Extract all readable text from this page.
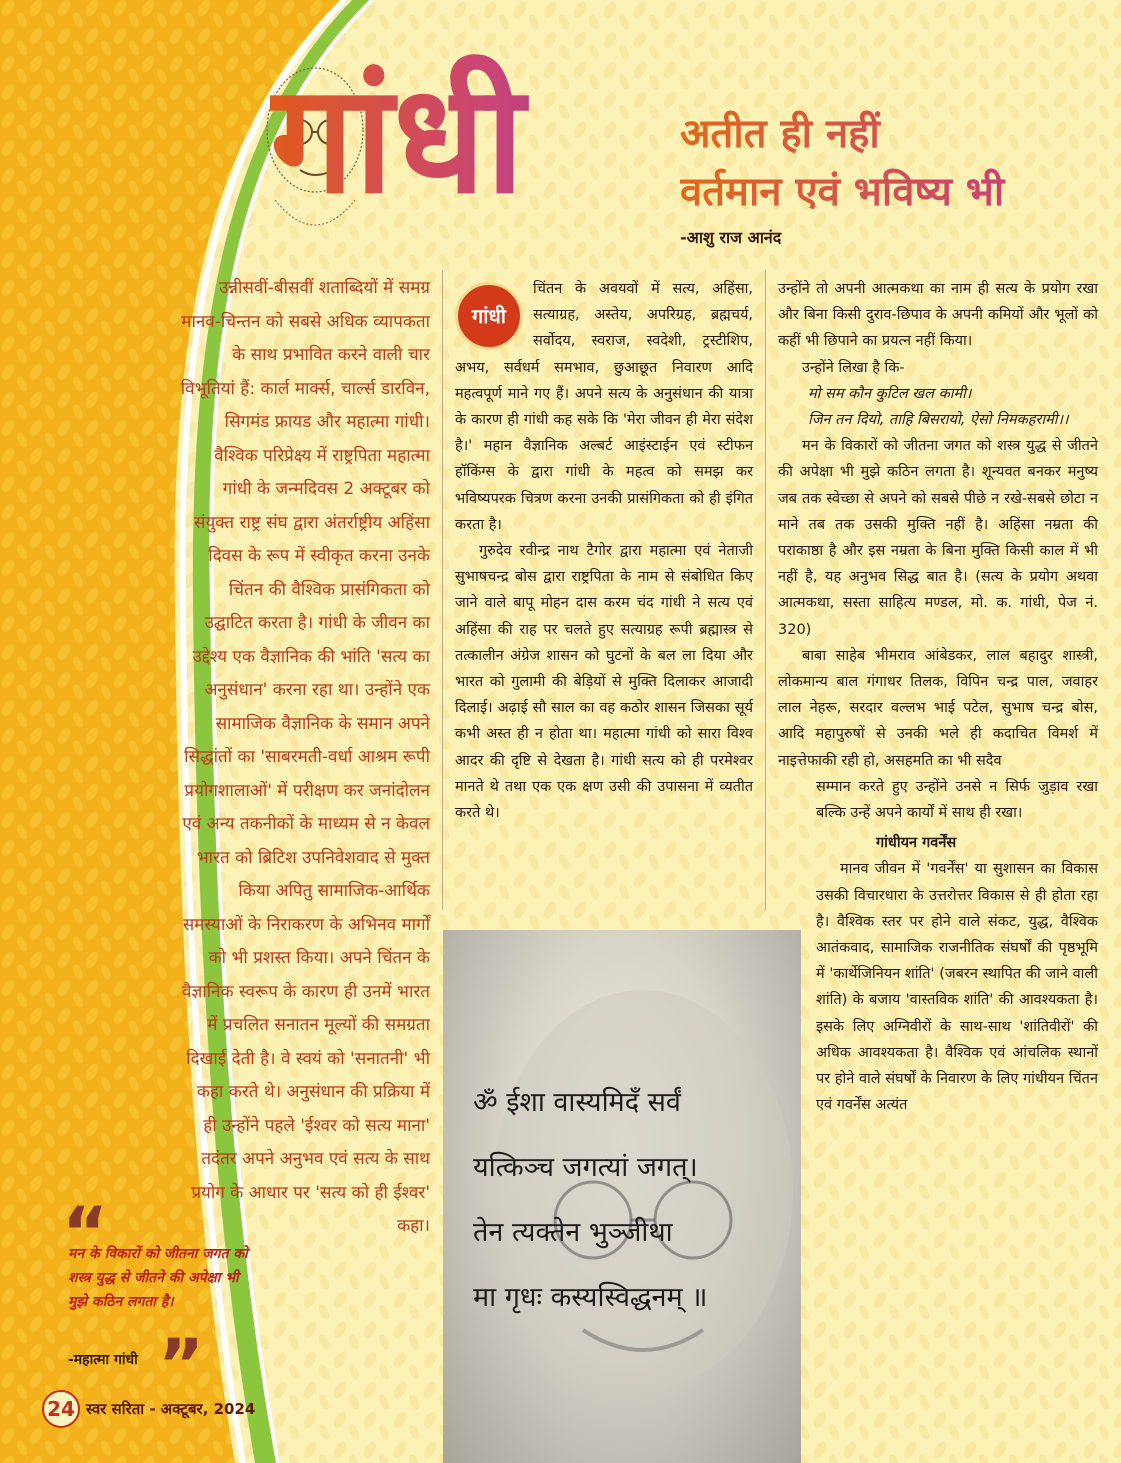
गांधी	अतीत ही नहीं
वर्तमान एवं भविष्य भी
-आशु राज आनंद

उन्नीसवीं-बीसवीं शताब्दियों में समग्र मानव-चिन्तन को सबसे अधिक व्यापकता के साथ प्रभावित करने वाली चार विभूतियां हैं: कार्ल मार्क्स, चार्ल्स डारविन, सिगमंड फ्रायड और महात्मा गांधी। वैश्विक परिप्रेक्ष्य में राष्ट्रपिता महात्मा गांधी के जन्मदिवस 2 अक्टूबर को संयुक्त राष्ट्र संघ द्वारा अंतर्राष्ट्रीय अहिंसा दिवस के रूप में स्वीकृत करना उनके चिंतन की वैश्विक प्रासंगिकता को उद्घाटित करता है। गांधी के जीवन का उद्देश्य एक वैज्ञानिक की भांति 'सत्य का अनुसंधान' करना रहा था। उन्होंने एक सामाजिक वैज्ञानिक के समान अपने सिद्धांतों का 'साबरमती-वर्धा आश्रम रूपी प्रयोगशालाओं' में परीक्षण कर जनांदोलन एवं अन्य तकनीकों के माध्यम से न केवल भारत को ब्रिटिश उपनिवेशवाद से मुक्त किया अपितु सामाजिक-आर्थिक समस्याओं के निराकरण के अभिनव मार्गों को भी प्रशस्त किया। अपने चिंतन के वैज्ञानिक स्वरूप के कारण ही उनमें भारत में प्रचलित सनातन मूल्यों की समग्रता दिखाई देती है। वे स्वयं को 'सनातनी' भी कहा करते थे। अनुसंधान की प्रक्रिया में ही उन्होंने पहले 'ईश्वर को सत्य माना' तदंतर अपने अनुभव एवं सत्य के साथ प्रयोग के आधार पर 'सत्य को ही ईश्वर' कहा।

गांधी

चिंतन के अवयवों में सत्य, अहिंसा, सत्याग्रह, अस्तेय, अपरिग्रह, ब्रह्मचर्य, सर्वोदय, स्वराज, स्वदेशी, ट्रस्टीशिप, अभय, सर्वधर्म समभाव, छुआछूत निवारण आदि महत्वपूर्ण माने गए हैं। अपने सत्य के अनुसंधान की यात्रा के कारण ही गांधी कह सके कि 'मेरा जीवन ही मेरा संदेश है।' महान वैज्ञानिक अल्बर्ट आइंस्टाईन एवं स्टीफन हॉकिंग्स के द्वारा गांधी के महत्व को समझ कर भविष्यपरक चित्रण करना उनकी प्रासंगिकता को ही इंगित करता है।

गुरुदेव रवीन्द्र नाथ टैगोर द्वारा महात्मा एवं नेताजी सुभाषचन्द्र बोस द्वारा राष्ट्रपिता के नाम से संबोधित किए जाने वाले बापू मोहन दास करम चंद गांधी ने सत्य एवं अहिंसा की राह पर चलते हुए सत्याग्रह रूपी ब्रह्मास्त्र से तत्कालीन अंग्रेज शासन को घुटनों के बल ला दिया और भारत को गुलामी की बेड़ियों से मुक्ति दिलाकर आजादी दिलाई। अढ़ाई सौ साल का वह कठोर शासन जिसका सूर्य कभी अस्त ही न होता था। महात्मा गांधी को सारा विश्व आदर की दृष्टि से देखता है। गांधी सत्य को ही परमेश्वर मानते थे तथा एक एक क्षण उसी की उपासना में व्यतीत करते थे।

उन्होंने तो अपनी आत्मकथा का नाम ही सत्य के प्रयोग रखा और बिना किसी दुराव-छिपाव के अपनी कमियों और भूलों को कहीं भी छिपाने का प्रयत्न नहीं किया।

उन्होंने लिखा है कि-

मो सम कौन कुटिल खल कामी।

जिन तन दियो, ताहि बिसरायो, ऐसो निमकहरामी।।

मन के विकारों को जीतना जगत को शस्त्र युद्ध से जीतने की अपेक्षा भी मुझे कठिन लगता है। शून्यवत बनकर मनुष्य जब तक स्वेच्छा से अपने को सबसे पीछे न रखे-सबसे छोटा न माने तब तक उसकी मुक्ति नहीं है। अहिंसा नम्रता की पराकाष्ठा है और इस नम्रता के बिना मुक्ति किसी काल में भी नहीं है, यह अनुभव सिद्ध बात है। (सत्य के प्रयोग अथवा आत्मकथा, सस्ता साहित्य मण्डल, मो. क. गांधी, पेज नं. 320)

बाबा साहेब भीमराव आंबेडकर, लाल बहादुर शास्त्री, लोकमान्य बाल गंगाधर तिलक, विपिन चन्द्र पाल, जवाहर लाल नेहरू, सरदार वल्लभ भाई पटेल, सुभाष चन्द्र बोस, आदि महापुरुषों से उनकी भले ही कदाचित विमर्श में नाइत्तेफाकी रही हो, असहमति का भी सदैव

सम्मान करते हुए उन्होंने उनसे न सिर्फ जुड़ाव रखा बल्कि उन्हें अपने कार्यों में साथ ही रखा।

गांधीयन गवर्नेंस

मानव जीवन में 'गवर्नेंस' या सुशासन का विकास उसकी विचारधारा के उत्तरोत्तर विकास से ही होता रहा है। वैश्विक स्तर पर होने वाले संकट, युद्ध, वैश्विक आतंकवाद, सामाजिक राजनीतिक संघर्षों की पृष्ठभूमि में 'कार्थेजिनियन शांति' (जबरन स्थापित की जाने वाली शांति) के बजाय 'वास्तविक शांति' की आवश्यकता है। इसके लिए अग्निवीरों के साथ-साथ 'शांतिवीरों' की अधिक आवश्यकता है। वैश्विक एवं आंचलिक स्थानों पर होने वाले संघर्षों के निवारण के लिए गांधीयन चिंतन एवं गवर्नेंस अत्यंत

ॐ ईशा वास्यमिदँ सर्वं
यत्किञ्च जगत्यां जगत्।
तेन त्यक्तेन भुञ्जीथा
मा गृधः कस्यस्विद्धनम् ॥
“
मन के विकारों को जीतना जगत को शस्त्र युद्ध से जीतने की अपेक्षा भी मुझे कठिन लगता है।
-महात्मा गांधी ”
24 स्वर सरिता - अक्टूबर, 2024
